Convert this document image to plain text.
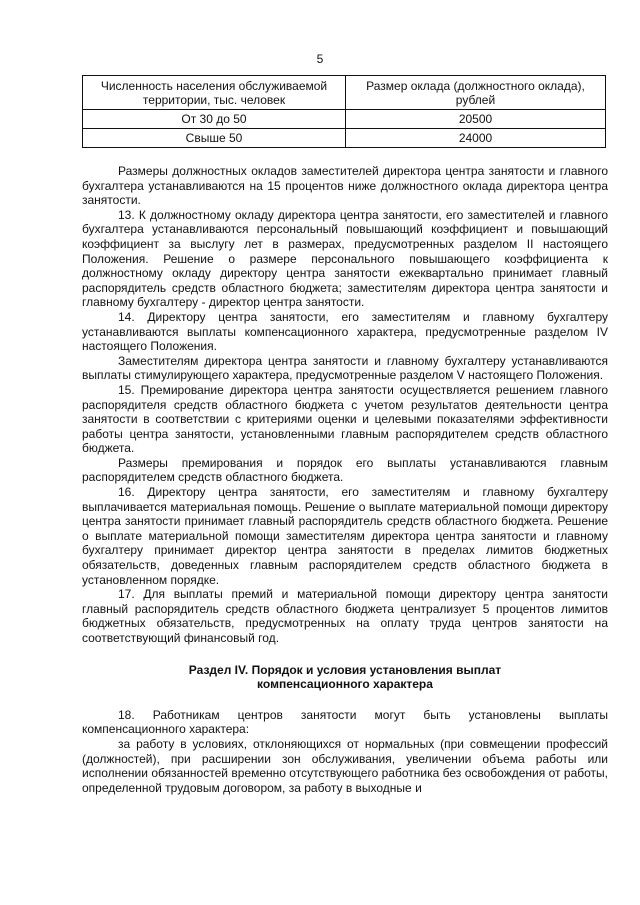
5
Численность населения обслуживаемой территории, тыс. человек	Размер оклада (должностного оклада), рублей
От 30 до 50	20500
Свыше 50	24000

Размеры должностных окладов заместителей директора центра занятости и главного бухгалтера устанавливаются на 15 процентов ниже должностного оклада директора центра занятости.

13. К должностному окладу директора центра занятости, его заместителей и главного бухгалтера устанавливаются персональный повышающий коэффициент и повышающий коэффициент за выслугу лет в размерах, предусмотренных разделом II настоящего Положения. Решение о размере персонального повышающего коэффициента к должностному окладу директору центра занятости ежеквартально принимает главный распорядитель средств областного бюджета; заместителям директора центра занятости и главному бухгалтеру - директор центра занятости.

14. Директору центра занятости, его заместителям и главному бухгалтеру устанавливаются выплаты компенсационного характера, предусмотренные разделом IV настоящего Положения.

Заместителям директора центра занятости и главному бухгалтеру устанавливаются выплаты стимулирующего характера, предусмотренные разделом V настоящего Положения.

15. Премирование директора центра занятости осуществляется решением главного распорядителя средств областного бюджета с учетом результатов деятельности центра занятости в соответствии с критериями оценки и целевыми показателями эффективности работы центра занятости, установленными главным распорядителем средств областного бюджета.

Размеры премирования и порядок его выплаты устанавливаются главным распорядителем средств областного бюджета.

16. Директору центра занятости, его заместителям и главному бухгалтеру выплачивается материальная помощь. Решение о выплате материальной помощи директору центра занятости принимает главный распорядитель средств областного бюджета. Решение о выплате материальной помощи заместителям директора центра занятости и главному бухгалтеру принимает директор центра занятости в пределах лимитов бюджетных обязательств, доведенных главным распорядителем средств областного бюджета в установленном порядке.

17. Для выплаты премий и материальной помощи директору центра занятости главный распорядитель средств областного бюджета централизует 5 процентов лимитов бюджетных обязательств, предусмотренных на оплату труда центров занятости на соответствующий финансовый год.

Раздел IV. Порядок и условия установления выплат
компенсационного характера

18. Работникам центров занятости могут быть установлены выплаты компенсационного характера:

за работу в условиях, отклоняющихся от нормальных (при совмещении профессий (должностей), при расширении зон обслуживания, увеличении объема работы или исполнении обязанностей временно отсутствующего работника без освобождения от работы, определенной трудовым договором, за работу в выходные и
